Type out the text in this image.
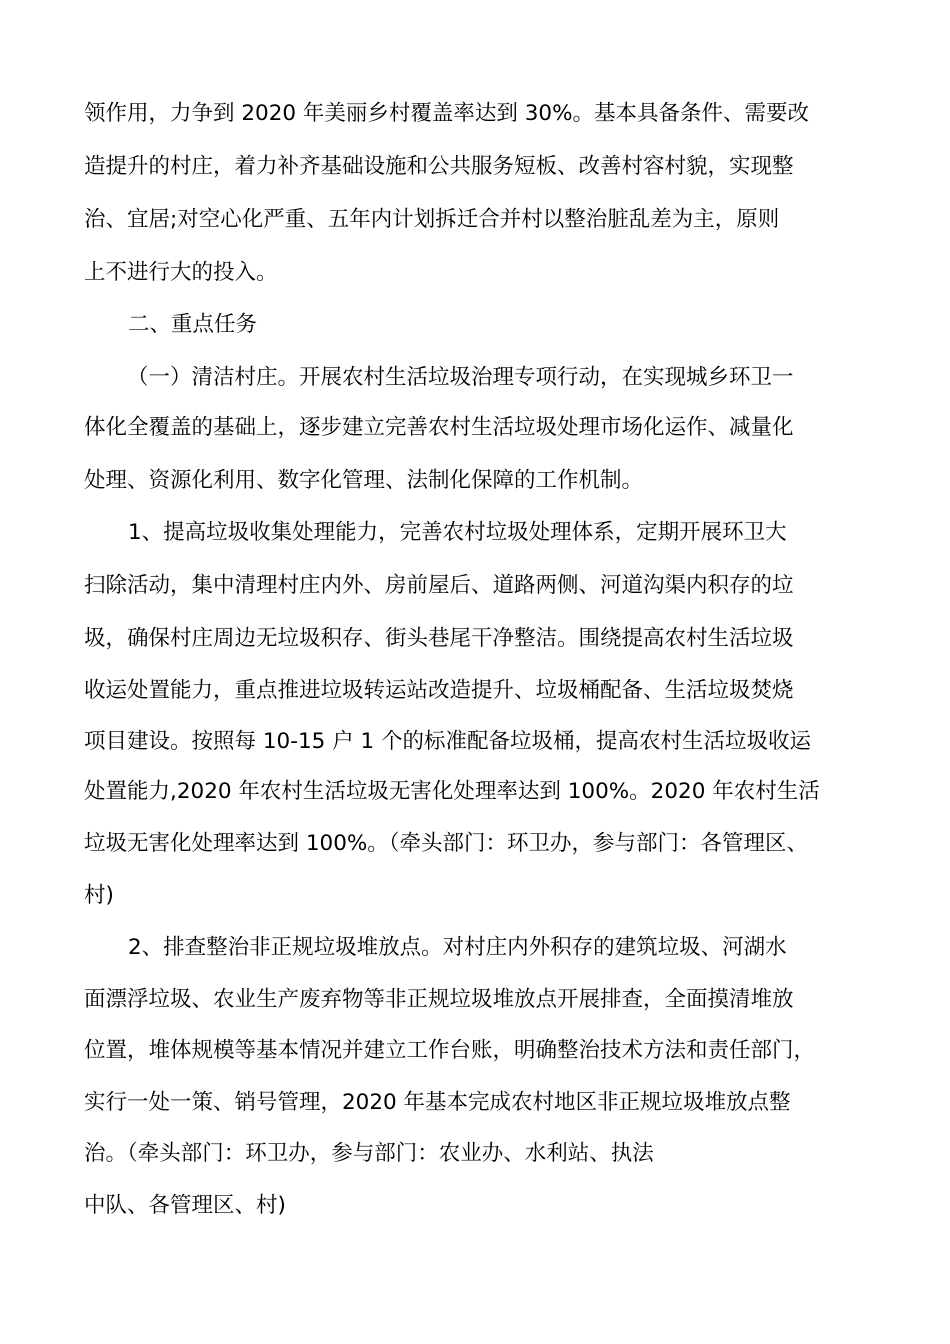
领作用，力争到 2020 年美丽乡村覆盖率达到 30%。基本具备条件、需要改
造提升的村庄，着力补齐基础设施和公共服务短板、改善村容村貌，实现整
治、宜居;对空心化严重、五年内计划拆迁合并村以整治脏乱差为主，原则
上不进行大的投入。
二、重点任务
（一）清洁村庄。开展农村生活垃圾治理专项行动，在实现城乡环卫一
体化全覆盖的基础上，逐步建立完善农村生活垃圾处理市场化运作、减量化
处理、资源化利用、数字化管理、法制化保障的工作机制。
1、提高垃圾收集处理能力，完善农村垃圾处理体系，定期开展环卫大
扫除活动，集中清理村庄内外、房前屋后、道路两侧、河道沟渠内积存的垃
圾，确保村庄周边无垃圾积存、街头巷尾干净整洁。围绕提高农村生活垃圾
收运处置能力，重点推进垃圾转运站改造提升、垃圾桶配备、生活垃圾焚烧
项目建设。按照每 10-15 户 1 个的标准配备垃圾桶，提高农村生活垃圾收运
处置能力,2020 年农村生活垃圾无害化处理率达到 100%。2020 年农村生活
垃圾无害化处理率达到 100%。（牵头部门：环卫办，参与部门：各管理区、
村)
2、排查整治非正规垃圾堆放点。对村庄内外积存的建筑垃圾、河湖水
面漂浮垃圾、农业生产废弃物等非正规垃圾堆放点开展排查，全面摸清堆放
位置，堆体规模等基本情况并建立工作台账，明确整治技术方法和责任部门，
实行一处一策、销号管理，2020 年基本完成农村地区非正规垃圾堆放点整
治。（牵头部门：环卫办，参与部门：农业办、水利站、执法
中队、各管理区、村)
